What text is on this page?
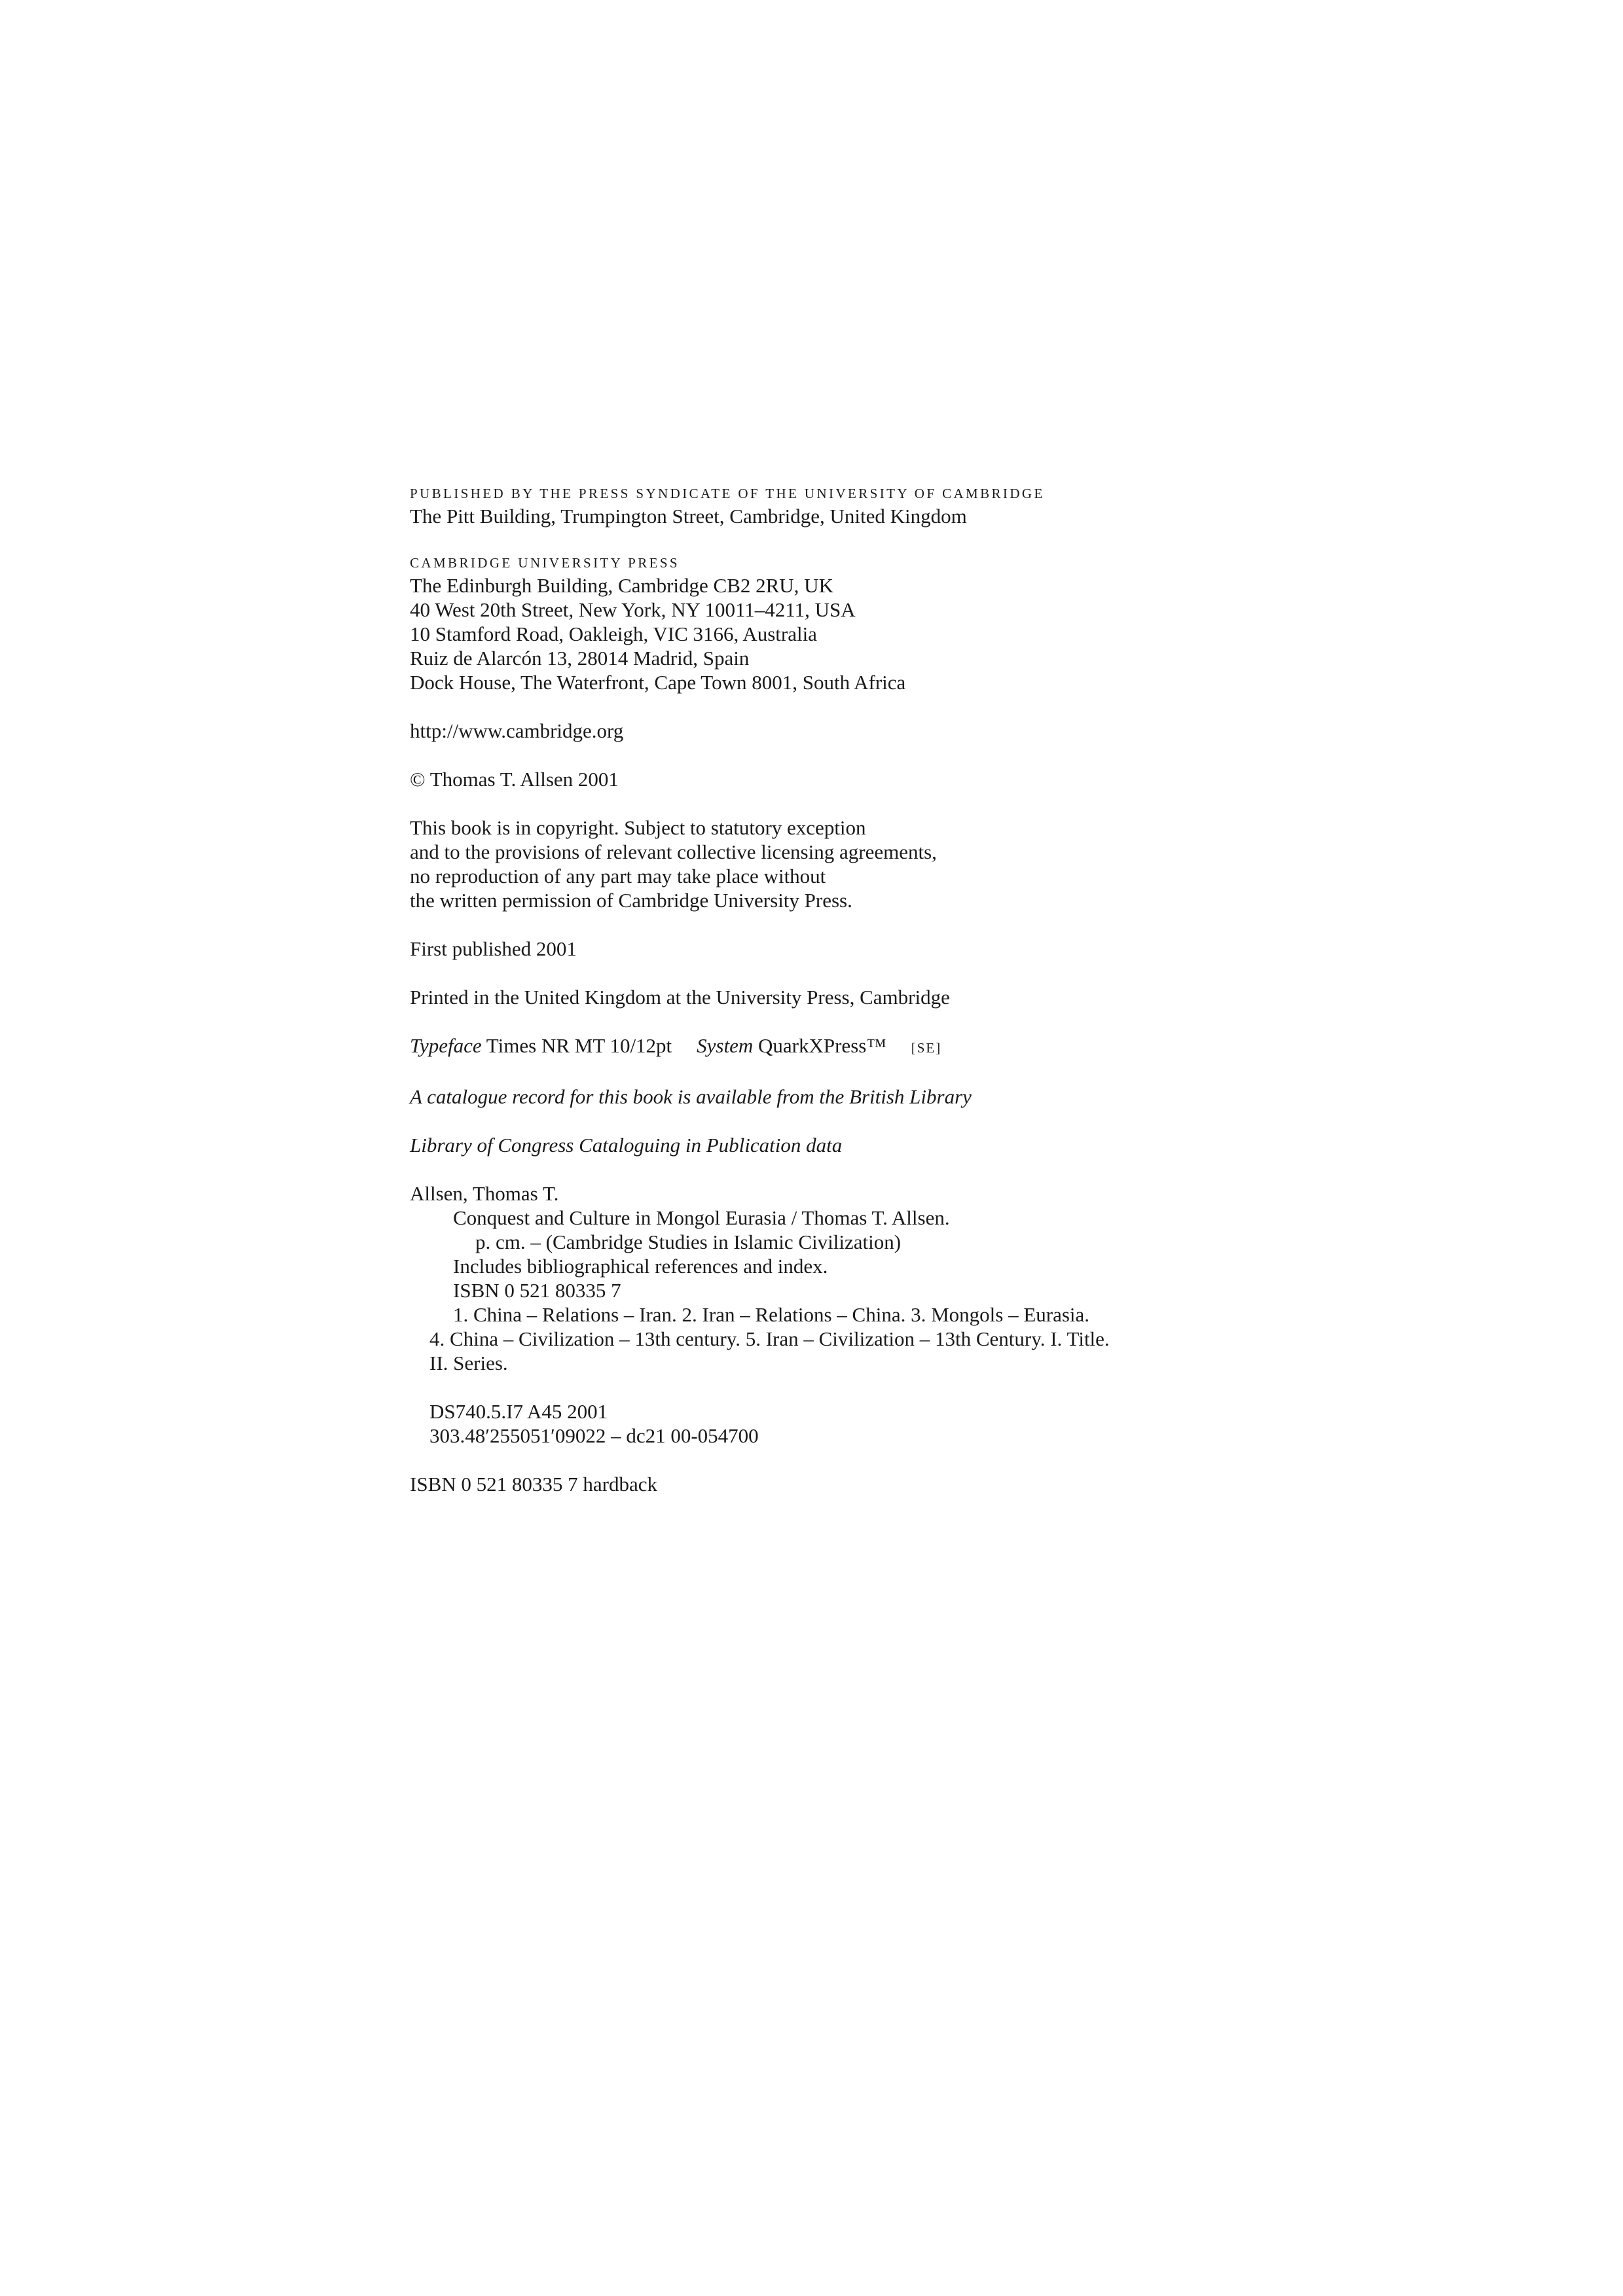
PUBLISHED BY THE PRESS SYNDICATE OF THE UNIVERSITY OF CAMBRIDGE
The Pitt Building, Trumpington Street, Cambridge, United Kingdom
CAMBRIDGE UNIVERSITY PRESS
The Edinburgh Building, Cambridge CB2 2RU, UK
40 West 20th Street, New York, NY 10011–4211, USA
10 Stamford Road, Oakleigh, VIC 3166, Australia
Ruiz de Alarcón 13, 28014 Madrid, Spain
Dock House, The Waterfront, Cape Town 8001, South Africa
http://www.cambridge.org
© Thomas T. Allsen 2001
This book is in copyright. Subject to statutory exception
and to the provisions of relevant collective licensing agreements,
no reproduction of any part may take place without
the written permission of Cambridge University Press.
First published 2001
Printed in the United Kingdom at the University Press, Cambridge
Typeface Times NR MT 10/12pt System QuarkXPress™ [SE]
A catalogue record for this book is available from the British Library
Library of Congress Cataloguing in Publication data
Allsen, Thomas T.
Conquest and Culture in Mongol Eurasia / Thomas T. Allsen.
p. cm. – (Cambridge Studies in Islamic Civilization)
Includes bibliographical references and index.
ISBN 0 521 80335 7
1. China – Relations – Iran. 2. Iran – Relations – China. 3. Mongols – Eurasia.
4. China – Civilization – 13th century. 5. Iran – Civilization – 13th Century. I. Title.
II. Series.
DS740.5.I7 A45 2001
303.48′255051′09022 – dc21 00-054700
ISBN 0 521 80335 7 hardback
